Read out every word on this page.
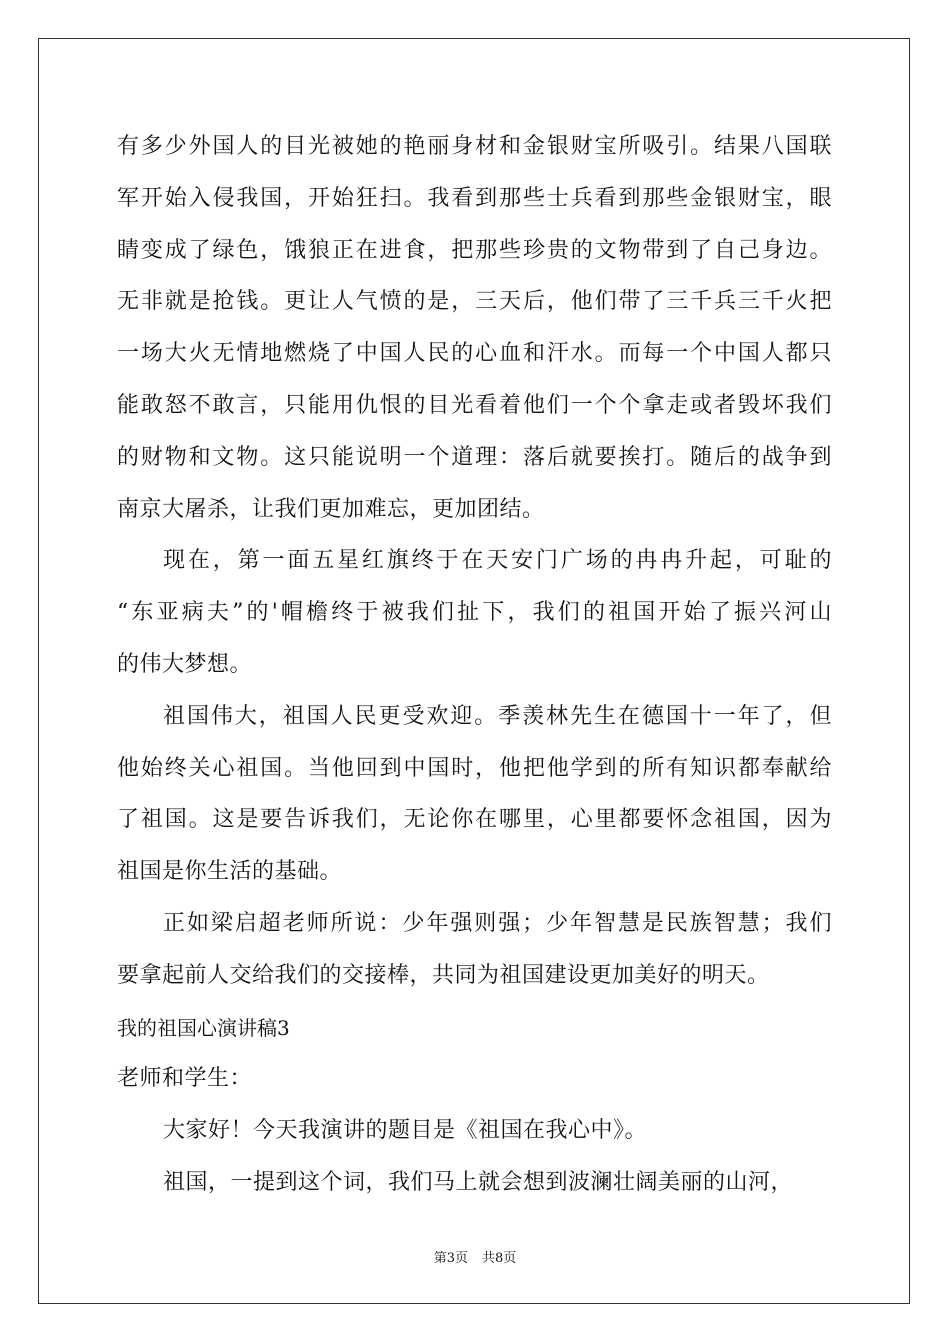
有多少外国人的目光被她的艳丽身材和金银财宝所吸引。结果八国联
军开始入侵我国，开始狂扫。我看到那些士兵看到那些金银财宝，眼
睛变成了绿色，饿狼正在进食，把那些珍贵的文物带到了自己身边。
无非就是抢钱。更让人气愤的是，三天后，他们带了三千兵三千火把
一场大火无情地燃烧了中国人民的心血和汗水。而每一个中国人都只
能敢怒不敢言，只能用仇恨的目光看着他们一个个拿走或者毁坏我们
的财物和文物。这只能说明一个道理：落后就要挨打。随后的战争到
南京大屠杀，让我们更加难忘，更加团结。
现在，第一面五星红旗终于在天安门广场的冉冉升起，可耻的
“东亚病夫”的'帽檐终于被我们扯下，我们的祖国开始了振兴河山
的伟大梦想。
祖国伟大，祖国人民更受欢迎。季羡林先生在德国十一年了，但
他始终关心祖国。当他回到中国时，他把他学到的所有知识都奉献给
了祖国。这是要告诉我们，无论你在哪里，心里都要怀念祖国，因为
祖国是你生活的基础。
正如梁启超老师所说：少年强则强；少年智慧是民族智慧；我们
要拿起前人交给我们的交接棒，共同为祖国建设更加美好的明天。
我的祖国心演讲稿3
老师和学生：
大家好！今天我演讲的题目是《祖国在我心中》。
祖国，一提到这个词，我们马上就会想到波澜壮阔美丽的山河，
第3页 共8页
